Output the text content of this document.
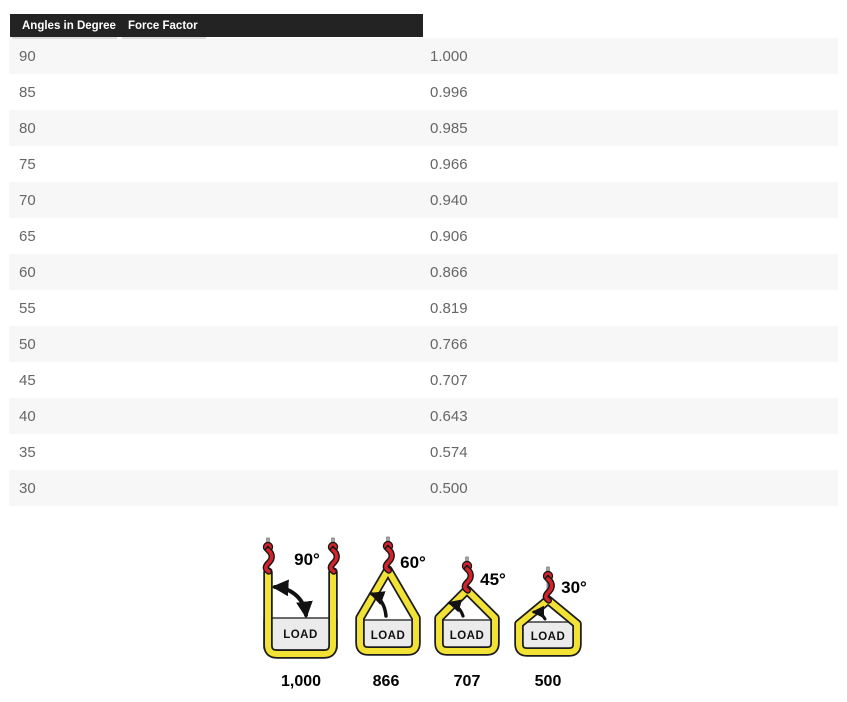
Angles in Degree	Force Factor
90	1.000
85	0.996
80	0.985
75	0.966
70	0.940
65	0.906
60	0.866
55	0.819
50	0.766
45	0.707
40	0.643
35	0.574
30	0.500
LOAD
90°
1,000
LOAD
60°
866
LOAD
45°
707
LOAD
30°
500
